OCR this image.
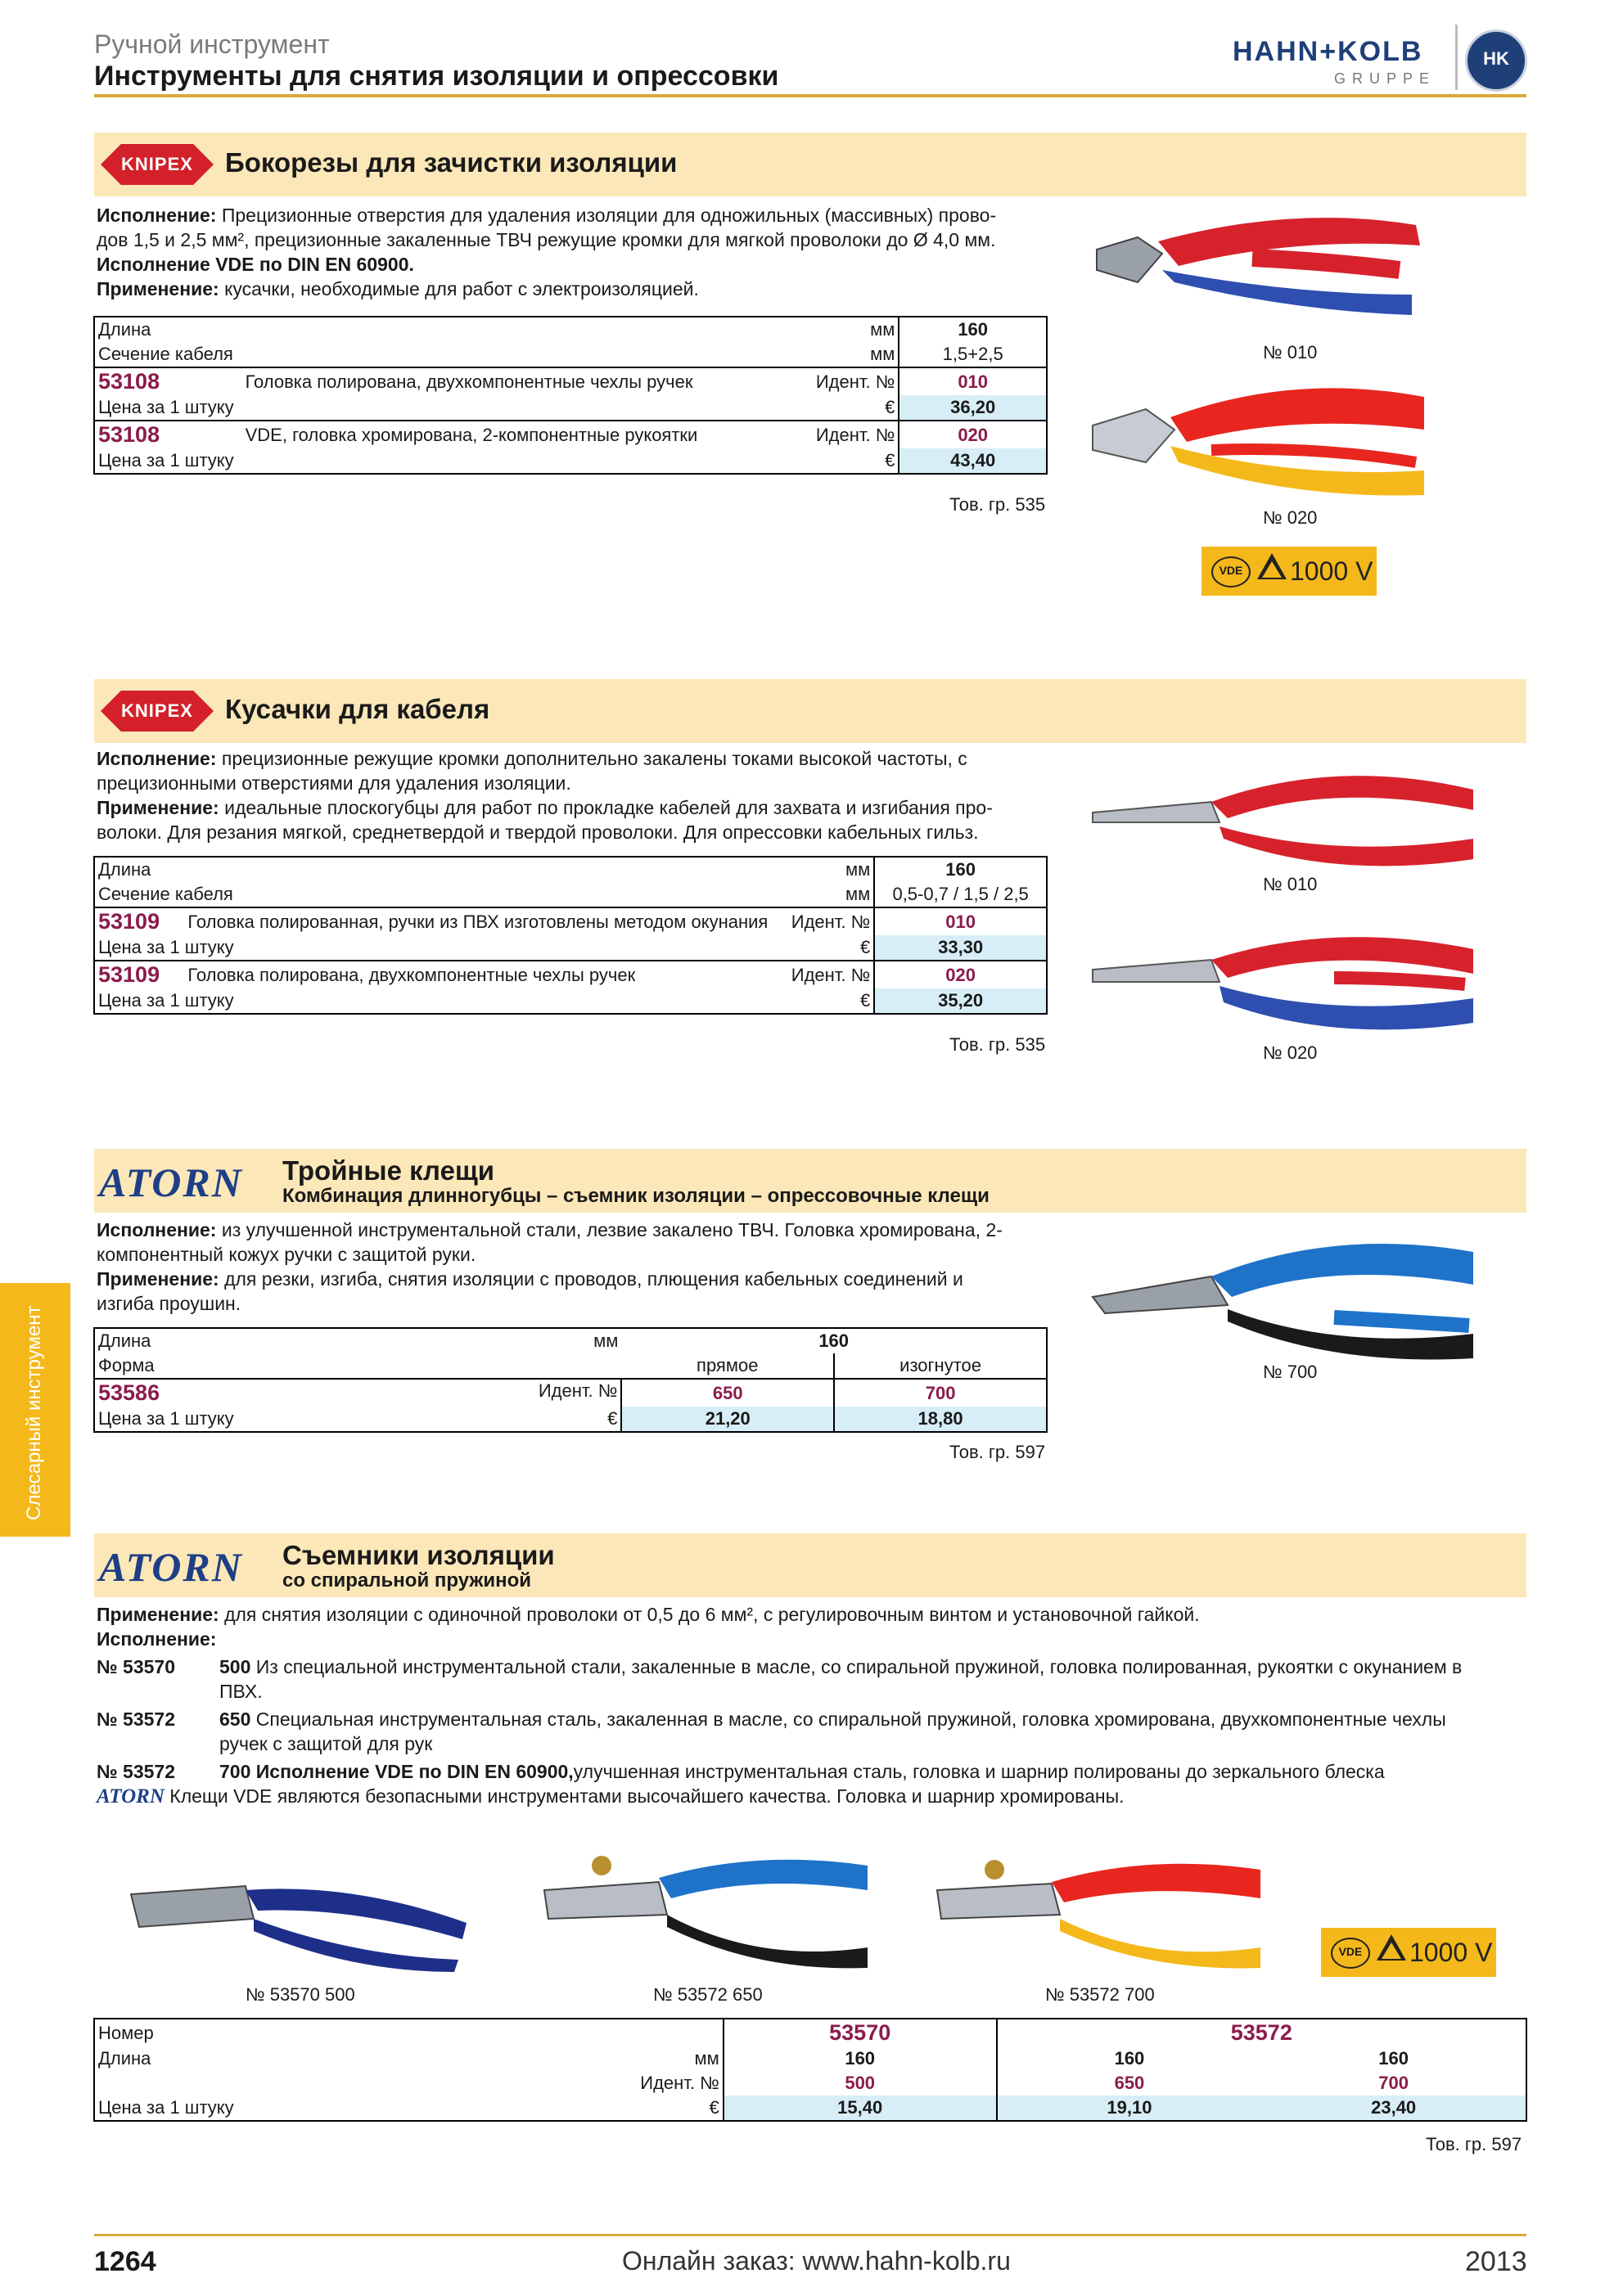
Ручной инструмент
Инструменты для снятия изоляции и опрессовки
HAHN+KOLB
GRUPPE
HK
Слесарный инструмент
KNIPEX	Бокорезы для зачистки изоляции
Исполнение: Прецизионные отверстия для удаления изоляции для одножильных (массивных) прово-
дов 1,5 и 2,5 мм², прецизионные закаленные ТВЧ режущие кромки для мягкой проволоки до Ø 4,0 мм.
Исполнение VDE по DIN EN 60900.
Применение: кусачки, необходимые для работ с электроизоляцией.
Длина мм		160
Сечение кабеля мм		1,5+2,5
53108	Головка полирована, двухкомпонентные чехлы ручек Идент. №	010
Цена за 1 штуку €		36,20
53108	VDE, головка хромирована, 2-компонентные рукоятки Идент. №	020
Цена за 1 штуку €		43,40
Тов. гр. 535
№ 010
№ 020
VDE	1000 V
KNIPEX	Кусачки для кабеля
Исполнение: прецизионные режущие кромки дополнительно закалены токами высокой частоты, с
прецизионными отверстиями для удаления изоляции.
Применение: идеальные плоскогубцы для работ по прокладке кабелей для захвата и изгибания про-
волоки. Для резания мягкой, среднетвердой и твердой проволоки. Для опрессовки кабельных гильз.
Длина мм		160
Сечение кабеля мм		0,5-0,7 / 1,5 / 2,5
53109	Головка полированная, ручки из ПВХ изготовлены методом окунания Идент. №	010
Цена за 1 штуку €		33,30
53109	Головка полирована, двухкомпонентные чехлы ручек Идент. №	020
Цена за 1 штуку €		35,20
Тов. гр. 535
№ 010
№ 020
ATORN Тройные клещи
Комбинация длинногубцы – съемник изоляции – опрессовочные клещи
Исполнение: из улучшенной инструментальной стали, лезвие закалено ТВЧ. Головка хромирована, 2-
компонентный кожух ручки с защитой руки.
Применение: для резки, изгиба, снятия изоляции с проводов, плющения кабельных соединений и
изгиба проушин.
Длина мм	160	
Форма	прямое	изогнутое
53586 Идент. №	650	700
Цена за 1 штуку €	21,20	18,80
Тов. гр. 597
№ 700
ATORN Съемники изоляции
со спиральной пружиной
Применение: для снятия изоляции с одиночной проволоки от 0,5 до 6 мм², с регулировочным винтом и установочной гайкой.
Исполнение:
№ 53570 500 Из специальной инструментальной стали, закаленные в масле, со спиральной пружиной, головка полированная, рукоятки с окунанием в
ПВХ.
№ 53572 650 Специальная инструментальная сталь, закаленная в масле, со спиральной пружиной, головка хромирована, двухкомпонентные чехлы
ручек с защитой для рук
№ 53572 700 Исполнение VDE по DIN EN 60900,улучшенная инструментальная сталь, головка и шарнир полированы до зеркального блеска
ATORN Клещи VDE являются безопасными инструментами высочайшего качества. Головка и шарнир хромированы.
№ 53570 500	№ 53572 650	№ 53572 700
VDE	1000 V
Номер	53570	53572	
Длина мм	160	160	160
Идент. №	500	650	700
Цена за 1 штуку €	15,40	19,10	23,40
Тов. гр. 597
1264	Онлайн заказ: www.hahn-kolb.ru	2013
